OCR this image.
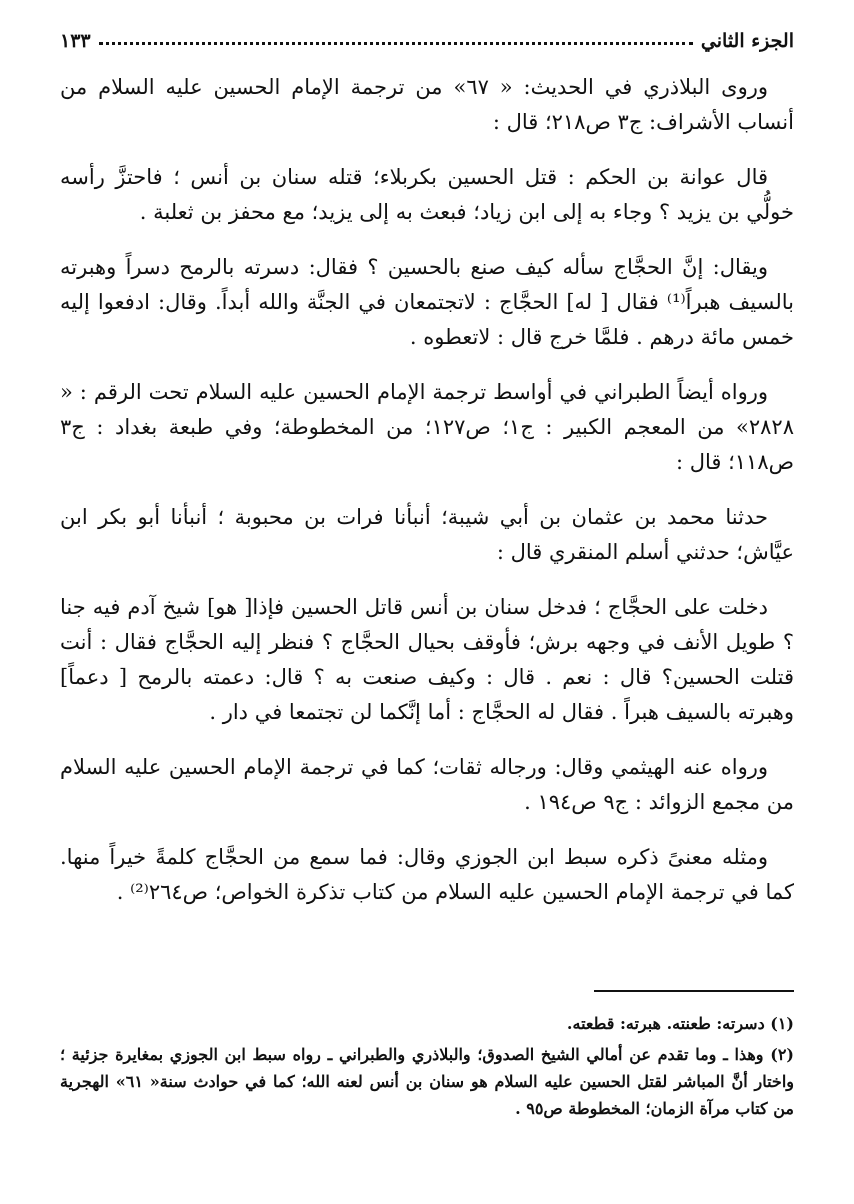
الجزء الثاني
١٣٣

وروى البلاذري في الحديث: « ٦٧» من ترجمة الإمام الحسين عليه السلام من أنساب الأشراف: ج٣ ص٢١٨؛ قال :

قال عوانة بن الحكم : قتل الحسين بكربلاء؛ قتله سنان بن أنس ؛ فاحتزَّ رأسه خولُّي بن يزيد ؟ وجاء به إلى ابن زياد؛ فبعث به إلى يزيد؛ مع محفز بن ثعلبة .

ويقال: إنَّ الحجَّاج سأله كيف صنع بالحسين ؟ فقال: دسرته بالرمح دسراً وهبرته بالسيف هبراً⁽¹⁾ فقال [ له] الحجَّاج : لاتجتمعان في الجنَّة والله أبداً. وقال: ادفعوا إليه خمس مائة درهم . فلمَّا خرج قال : لاتعطوه .

ورواه أيضاً الطبراني في أواسط ترجمة الإمام الحسين عليه السلام تحت الرقم : « ٢٨٢٨» من المعجم الكبير : ج١؛ ص١٢٧؛ من المخطوطة؛ وفي طبعة بغداد : ج٣ ص١١٨؛ قال :

حدثنا محمد بن عثمان بن أبي شيبة؛ أنبأنا فرات بن محبوبة ؛ أنبأنا أبو بكر ابن عيَّاش؛ حدثني أسلم المنقري قال :

دخلت على الحجَّاج ؛ فدخل سنان بن أنس قاتل الحسين فإذا[ هو] شيخ آدم فيه جنا ؟ طويل الأنف في وجهه برش؛ فأوقف بحيال الحجَّاج ؟ فنظر إليه الحجَّاج فقال : أنت قتلت الحسين؟ قال : نعم . قال : وكيف صنعت به ؟ قال: دعمته بالرمح [ دعماً] وهبرته بالسيف هبراً . فقال له الحجَّاج : أما إنَّكما لن تجتمعا في دار .

ورواه عنه الهيثمي وقال: ورجاله ثقات؛ كما في ترجمة الإمام الحسين عليه السلام من مجمع الزوائد : ج٩ ص١٩٤ .

ومثله معنىً ذكره سبط ابن الجوزي وقال: فما سمع من الحجَّاج كلمةً خيراً منها. كما في ترجمة الإمام الحسين عليه السلام من كتاب تذكرة الخواص؛ ص٢٦٤⁽²⁾ .

(١) دسرته: طعنته. هبرته: قطعته.

(٢) وهذا ـ وما تقدم عن أمالي الشيخ الصدوق؛ والبلاذري والطبراني ـ رواه سبط ابن الجوزي بمغايرة جزئية ؛ واختار أنَّ المباشر لقتل الحسين عليه السلام هو سنان بن أنس لعنه الله؛ كما في حوادث سنة« ٦١» الهجرية من كتاب مرآة الزمان؛ المخطوطة ص٩٥ .
